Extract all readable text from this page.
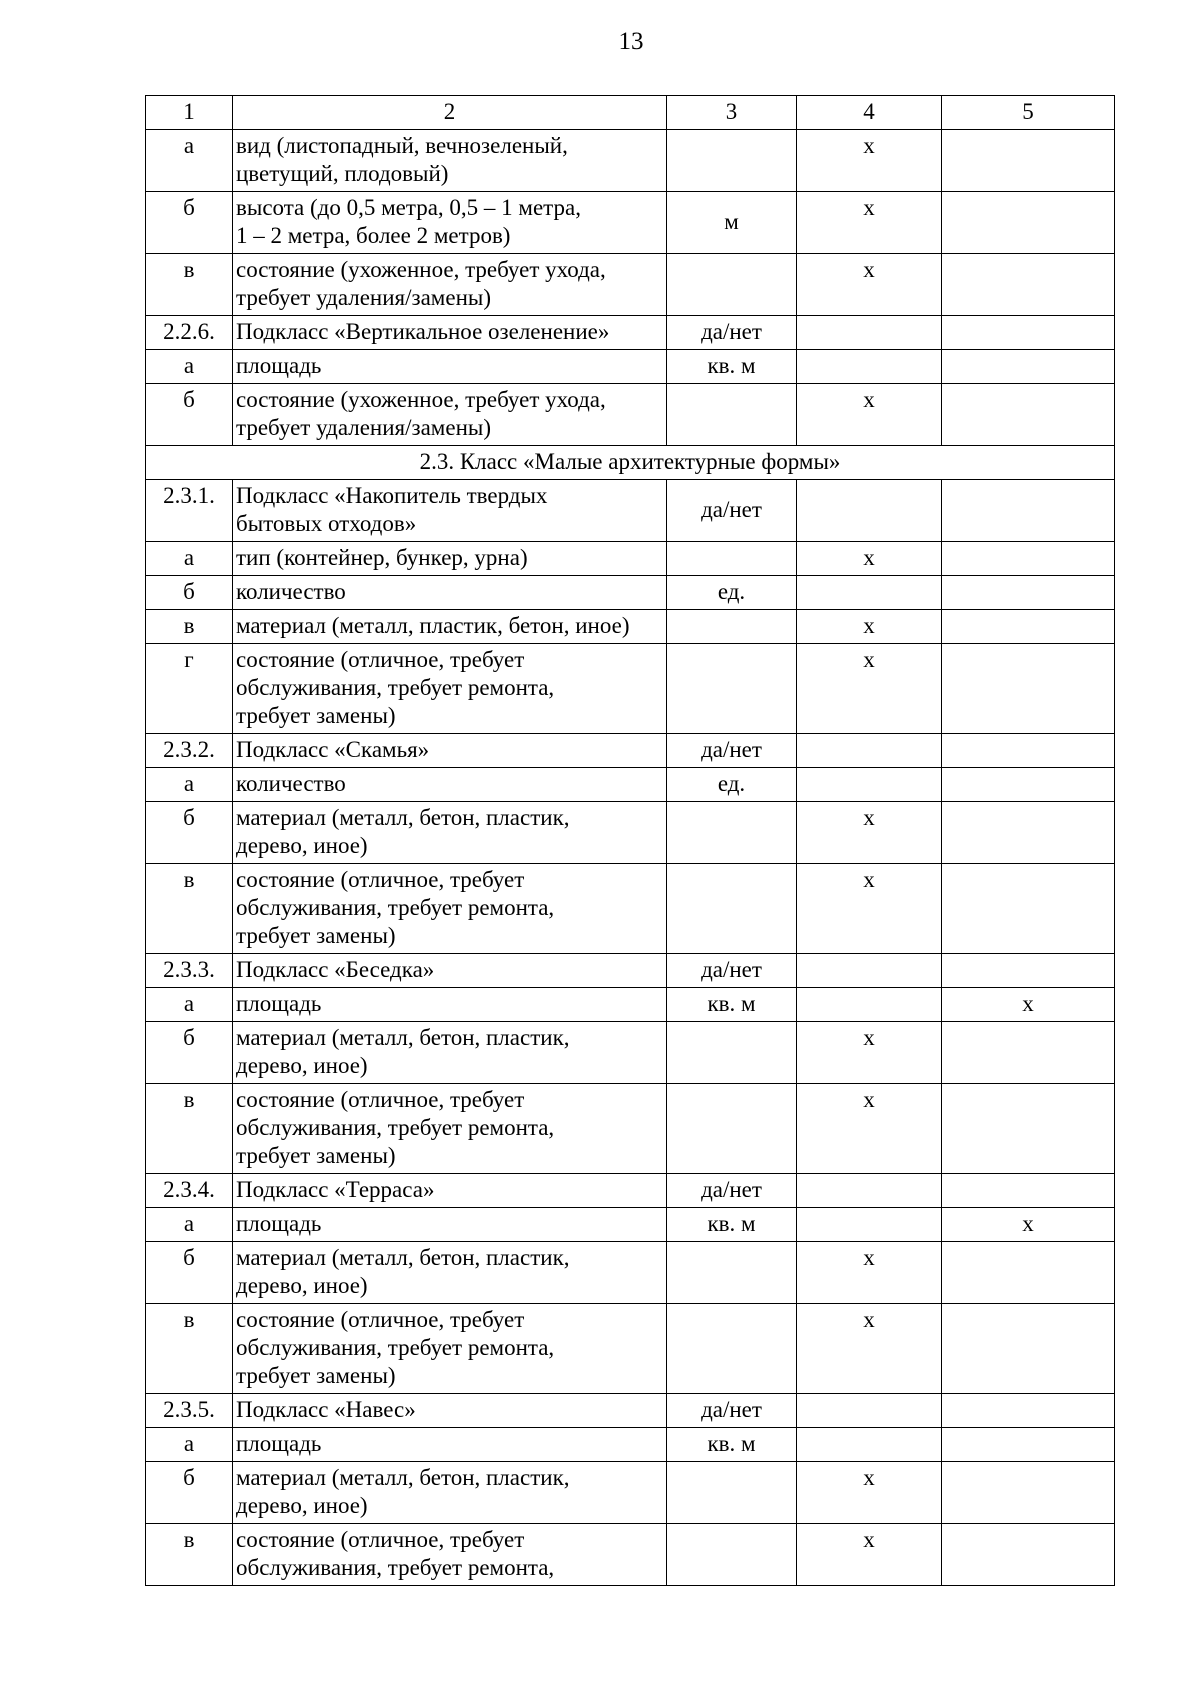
13
1	2	3	4	5
а	вид (листопадный, вечнозеленый,
цветущий, плодовый)		х	
б	высота (до 0,5 метра, 0,5 – 1 метра,
1 – 2 метра, более 2 метров)	м	х	
в	состояние (ухоженное, требует ухода,
требует удаления/замены)		х	
2.2.6.	Подкласс «Вертикальное озеленение»	да/нет		
а	площадь	кв. м		
б	состояние (ухоженное, требует ухода,
требует удаления/замены)		х	
2.3. Класс «Малые архитектурные формы»				
2.3.1.	Подкласс «Накопитель твердых
бытовых отходов»	да/нет		
а	тип (контейнер, бункер, урна)		х	
б	количество	ед.		
в	материал (металл, пластик, бетон, иное)		х	
г	состояние (отличное, требует
обслуживания, требует ремонта,
требует замены)		х	
2.3.2.	Подкласс «Скамья»	да/нет		
а	количество	ед.		
б	материал (металл, бетон, пластик,
дерево, иное)		х	
в	состояние (отличное, требует
обслуживания, требует ремонта,
требует замены)		х	
2.3.3.	Подкласс «Беседка»	да/нет		
а	площадь	кв. м		х
б	материал (металл, бетон, пластик,
дерево, иное)		х	
в	состояние (отличное, требует
обслуживания, требует ремонта,
требует замены)		х	
2.3.4.	Подкласс «Терраса»	да/нет		
а	площадь	кв. м		х
б	материал (металл, бетон, пластик,
дерево, иное)		х	
в	состояние (отличное, требует
обслуживания, требует ремонта,
требует замены)		х	
2.3.5.	Подкласс «Навес»	да/нет		
а	площадь	кв. м		
б	материал (металл, бетон, пластик,
дерево, иное)		х	
в	состояние (отличное, требует
обслуживания, требует ремонта,		х	
